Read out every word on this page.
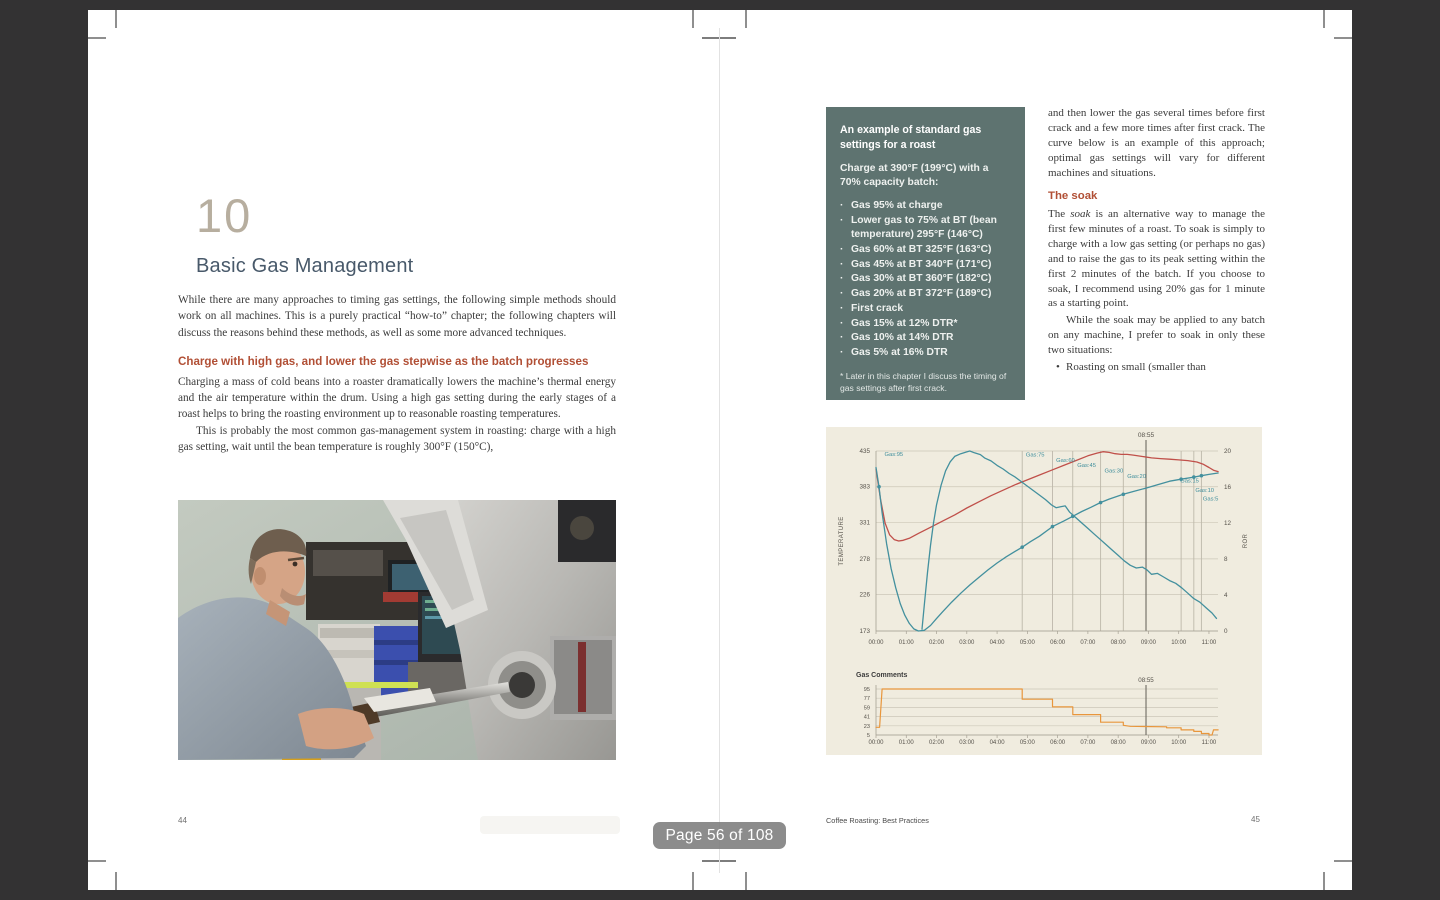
10
Basic Gas Management

While there are many approaches to timing gas settings, the following simple methods should work on all machines. This is a purely practical “how-to” chapter; the following chapters will discuss the reasons behind these methods, as well as some more advanced techniques.

Charge with high gas, and lower the gas stepwise as the batch progresses

Charging a mass of cold beans into a roaster dramatically lowers the machine’s thermal energy and the air temperature within the drum. Using a high gas setting during the early stages of a roast helps to bring the roasting environment up to reasonable roasting temperatures.

This is probably the most common gas-management system in roasting: charge with a high gas setting, wait until the bean temperature is roughly 300°F (150°C),

44
An example of standard gas settings for a roast
Charge at 390°F (199°C) with a 70% capacity batch:
· Gas 95% at charge
· Lower gas to 75% at BT (bean temperature) 295°F (146°C)
· Gas 60% at BT 325°F (163°C)
· Gas 45% at BT 340°F (171°C)
· Gas 30% at BT 360°F (182°C)
· Gas 20% at BT 372°F (189°C)
· First crack
· Gas 15% at 12% DTR*
· Gas 10% at 14% DTR
· Gas 5% at 16% DTR
* Later in this chapter I discuss the timing of gas settings after first crack.

and then lower the gas several times before first crack and a few more times after first crack. The curve below is an example of this approach; optimal gas settings will vary for different machines and situations.

The soak

The soak is an alternative way to manage the first few minutes of a roast. To soak is simply to charge with a low gas setting (or perhaps no gas) and to raise the gas to its peak setting within the first 2 minutes of the batch. If you choose to soak, I recommend using 20% gas for 1 minute as a starting point.

While the soak may be applied to any batch on any machine, I prefer to soak in only these two situations:

• Roasting on small (smaller than
173
226
278
331
383
435
0
4
8
12
16
20
08:55
00:00	01:00	02:00	03:00	04:00	05:00	06:00	07:00	08:00	09:00	10:00	11:00
Gas:95	Gas:75
Gas:60
Gas:45
Gas:30
Gas:20
Gas:15
Gas:10
Gas:5
TEMPERATURE	ROR
Gas Comments
95
77
59
41
23
5
08:55
00:00	01:00	02:00	03:00	04:00	05:00	06:00	07:00	08:00	09:00	10:00	11:00
Coffee Roasting: Best Practices	45
Page 56 of 108
